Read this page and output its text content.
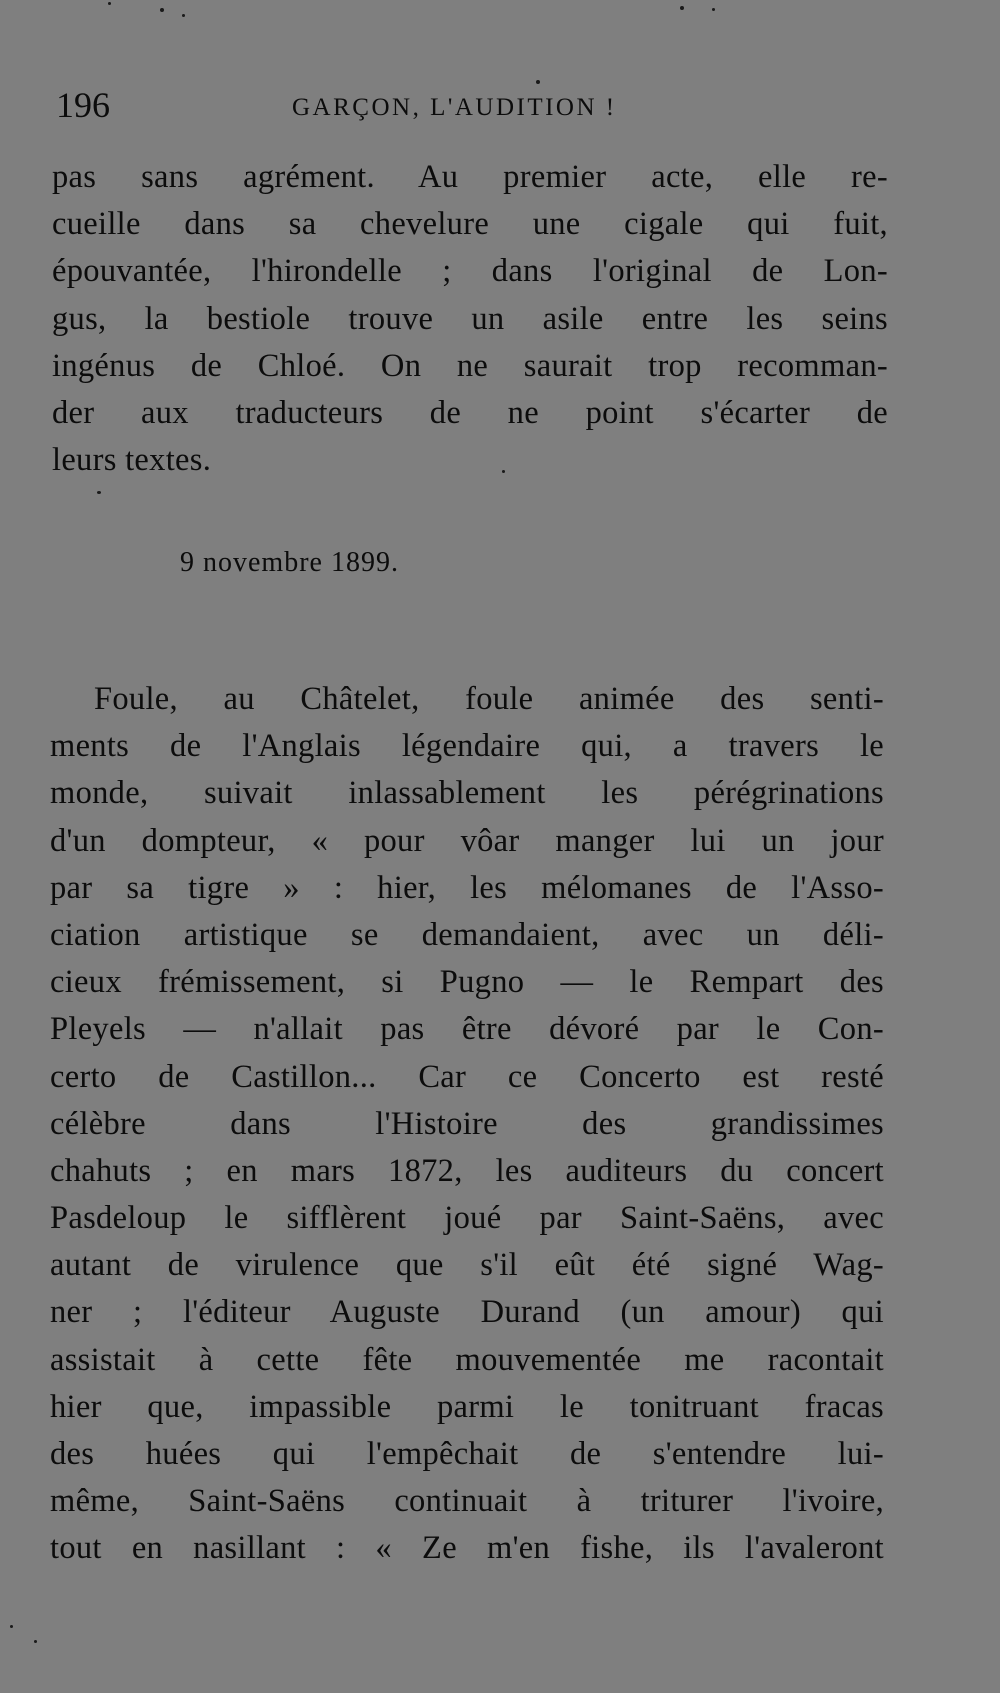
196	GARÇON, L'AUDITION !
pas sans agrément. Au premier acte, elle re-
cueille dans sa chevelure une cigale qui fuit,
épouvantée, l'hirondelle ; dans l'original de Lon-
gus, la bestiole trouve un asile entre les seins
ingénus de Chloé. On ne saurait trop recomman-
der aux traducteurs de ne point s'écarter de
leurs textes.
9 novembre 1899.
Foule, au Châtelet, foule animée des senti-
ments de l'Anglais légendaire qui, a travers le
monde, suivait inlassablement les pérégrinations
d'un dompteur, « pour vôar manger lui un jour
par sa tigre » : hier, les mélomanes de l'Asso-
ciation artistique se demandaient, avec un déli-
cieux frémissement, si Pugno — le Rempart des
Pleyels — n'allait pas être dévoré par le Con-
certo de Castillon... Car ce Concerto est resté
célèbre dans l'Histoire des grandissimes
chahuts ; en mars 1872, les auditeurs du concert
Pasdeloup le sifflèrent joué par Saint-Saëns, avec
autant de virulence que s'il eût été signé Wag-
ner ; l'éditeur Auguste Durand (un amour) qui
assistait à cette fête mouvementée me racontait
hier que, impassible parmi le tonitruant fracas
des huées qui l'empêchait de s'entendre lui-
même, Saint-Saëns continuait à triturer l'ivoire,
tout en nasillant : « Ze m'en fishe, ils l'avaleront
